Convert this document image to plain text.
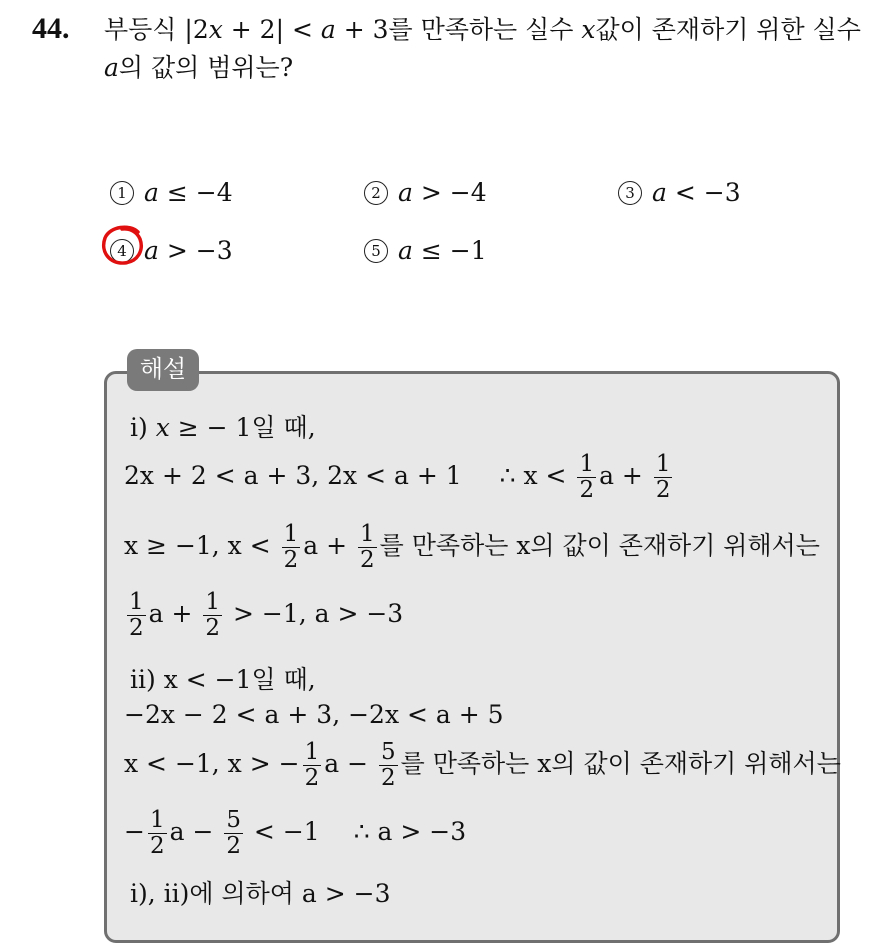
44. 부등식 |2x + 2| < a + 3를 만족하는 실수 x값이 존재하기 위한 실수
a의 값의 범위는?
1 a ≤ −4	2 a > −4	3 a < −3
4 a > −3	5 a ≤ −1
해설
ⅰ) x ≥ − 1일 때,
2x + 2 < a + 3, 2x < a + 1 ∴ $x < \frac{1}{2}$ $a + \frac{1}{2}$
x ≥ −1, $x < \frac{1}{2}$ $a + \frac{1}{2}$ 를 만족하는 x의 값이 존재하기 위해서는
$\frac{1}{2}$ $a + \frac{1}{2} > -1$, a > −3
ⅱ) x < −1일 때,
−2x − 2 < a + 3, −2x < a + 5
x < −1, x > − $\frac{1}{2}$ $a - \frac{5}{2}$ 를 만족하는 x의 값이 존재하기 위해서는
− $\frac{1}{2}$ $a - \frac{5}{2} < -1$ ∴ a > −3
ⅰ), ⅱ)에 의하여 a > −3
